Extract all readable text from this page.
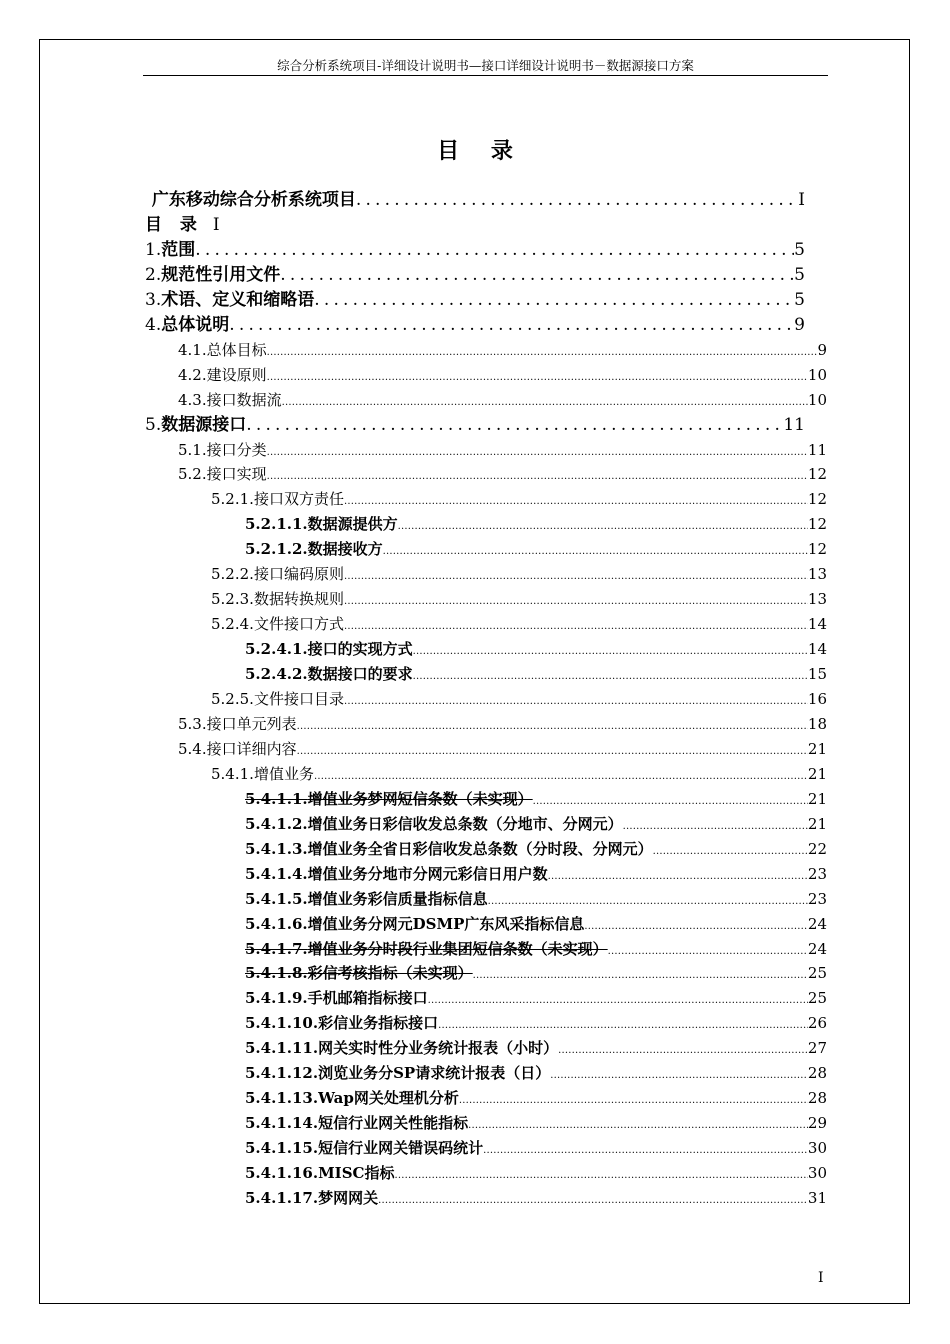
综合分析系统项目-详细设计说明书—接口详细设计说明书－数据源接口方案
目 录
广东移动综合分析系统项目 .....	I
目 录 I
1. 范围 .....	5
2. 规范性引用文件 .....	5
3. 术语、定义和缩略语 .....	5
4. 总体说明 .....	9
4.1. 总体目标 .....	9
4.2. 建设原则 .....	10
4.3. 接口数据流 .....	10
5. 数据源接口 .....	11
5.1. 接口分类 .....	11
5.2. 接口实现 .....	12
5.2.1. 接口双方责任 .....	12
5.2.1.1. 数据源提供方 .....	12
5.2.1.2. 数据接收方 .....	12
5.2.2. 接口编码原则 .....	13
5.2.3. 数据转换规则 .....	13
5.2.4. 文件接口方式 .....	14
5.2.4.1. 接口的实现方式 .....	14
5.2.4.2. 数据接口的要求 .....	15
5.2.5. 文件接口目录 .....	16
5.3. 接口单元列表 .....	18
5.4. 接口详细内容 .....	21
5.4.1. 增值业务 .....	21
5.4.1.1. 增值业务梦网短信条数（未实现） .....	21
5.4.1.2. 增值业务日彩信收发总条数（分地市、分网元） .....	21
5.4.1.3. 增值业务全省日彩信收发总条数（分时段、分网元） .....	22
5.4.1.4. 增值业务分地市分网元彩信日用户数 .....	23
5.4.1.5. 增值业务彩信质量指标信息 .....	23
5.4.1.6. 增值业务分网元DSMP广东风采指标信息 .....	24
5.4.1.7. 增值业务分时段行业集团短信条数（未实现） .....	24
5.4.1.8. 彩信考核指标（未实现） .....	25
5.4.1.9. 手机邮箱指标接口 .....	25
5.4.1.10. 彩信业务指标接口 .....	26
5.4.1.11. 网关实时性分业务统计报表（小时） .....	27
5.4.1.12. 浏览业务分SP请求统计报表（日） .....	28
5.4.1.13. Wap网关处理机分析 .....	28
5.4.1.14. 短信行业网关性能指标 .....	29
5.4.1.15. 短信行业网关错误码统计 .....	30
5.4.1.16. MISC指标 .....	30
5.4.1.17. 梦网网关 .....	31
I
